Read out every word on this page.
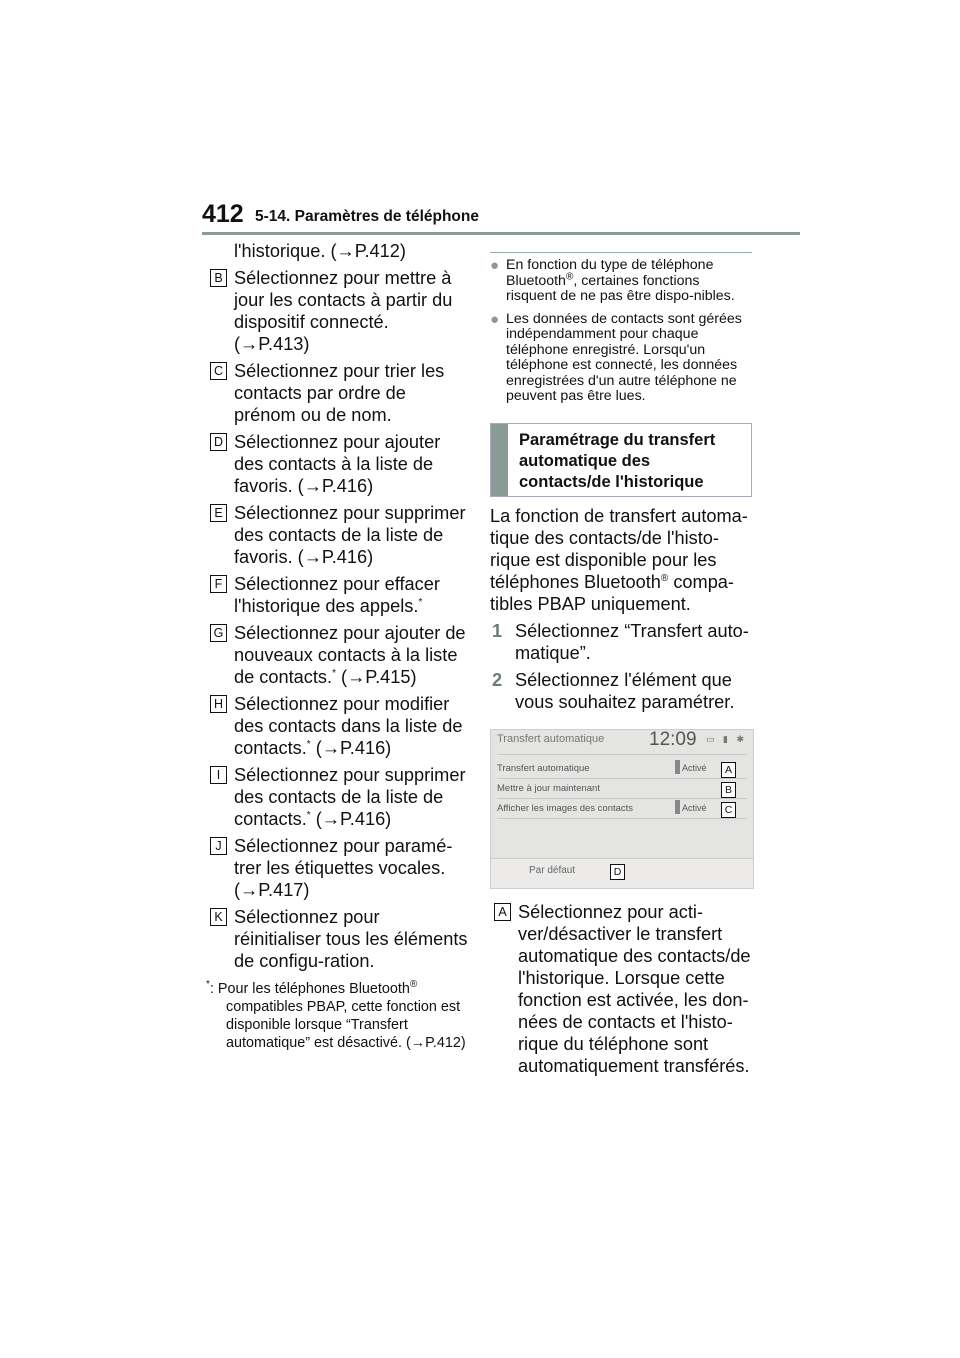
412 5-14. Paramètres de téléphone
l'historique. (→P.412)
B Sélectionnez pour mettre à jour les contacts à partir du dispositif connecté. (→P.413)
C Sélectionnez pour trier les contacts par ordre de prénom ou de nom.
D Sélectionnez pour ajouter des contacts à la liste de favoris. (→P.416)
E Sélectionnez pour supprimer des contacts de la liste de favoris. (→P.416)
F Sélectionnez pour effacer l'historique des appels.*
G Sélectionnez pour ajouter de nouveaux contacts à la liste de contacts.* (→P.415)
H Sélectionnez pour modifier des contacts dans la liste de contacts.* (→P.416)
I Sélectionnez pour supprimer des contacts de la liste de contacts.* (→P.416)
J Sélectionnez pour paramé-trer les étiquettes vocales. (→P.417)
K Sélectionnez pour réinitialiser tous les éléments de configu-ration.
*: Pour les téléphones Bluetooth®
compatibles PBAP, cette fonction est disponible lorsque “Transfert automatique” est désactivé. (→P.412)
● En fonction du type de téléphone Bluetooth®, certaines fonctions risquent de ne pas être dispo-nibles.
● Les données de contacts sont gérées indépendamment pour chaque téléphone enregistré. Lorsqu'un téléphone est connecté, les données enregistrées d'un autre téléphone ne peuvent pas être lues.
Paramétrage du transfert automatique des contacts/de l'historique
La fonction de transfert automa-tique des contacts/de l'histo-rique est disponible pour les téléphones Bluetooth® compa-tibles PBAP uniquement.
1 Sélectionnez “Transfert auto-matique”.
2 Sélectionnez l'élément que vous souhaitez paramétrer.
Transfert automatique 12:09 ▭ ▮ ✱
Transfert automatique	Activé
Mettre à jour maintenant
Afficher les images des contacts	Activé
Par défaut
A
B
C
D
A Sélectionnez pour acti-ver/désactiver le transfert automatique des contacts/de l'historique. Lorsque cette fonction est activée, les don-nées de contacts et l'histo-rique du téléphone sont automatiquement transférés.
